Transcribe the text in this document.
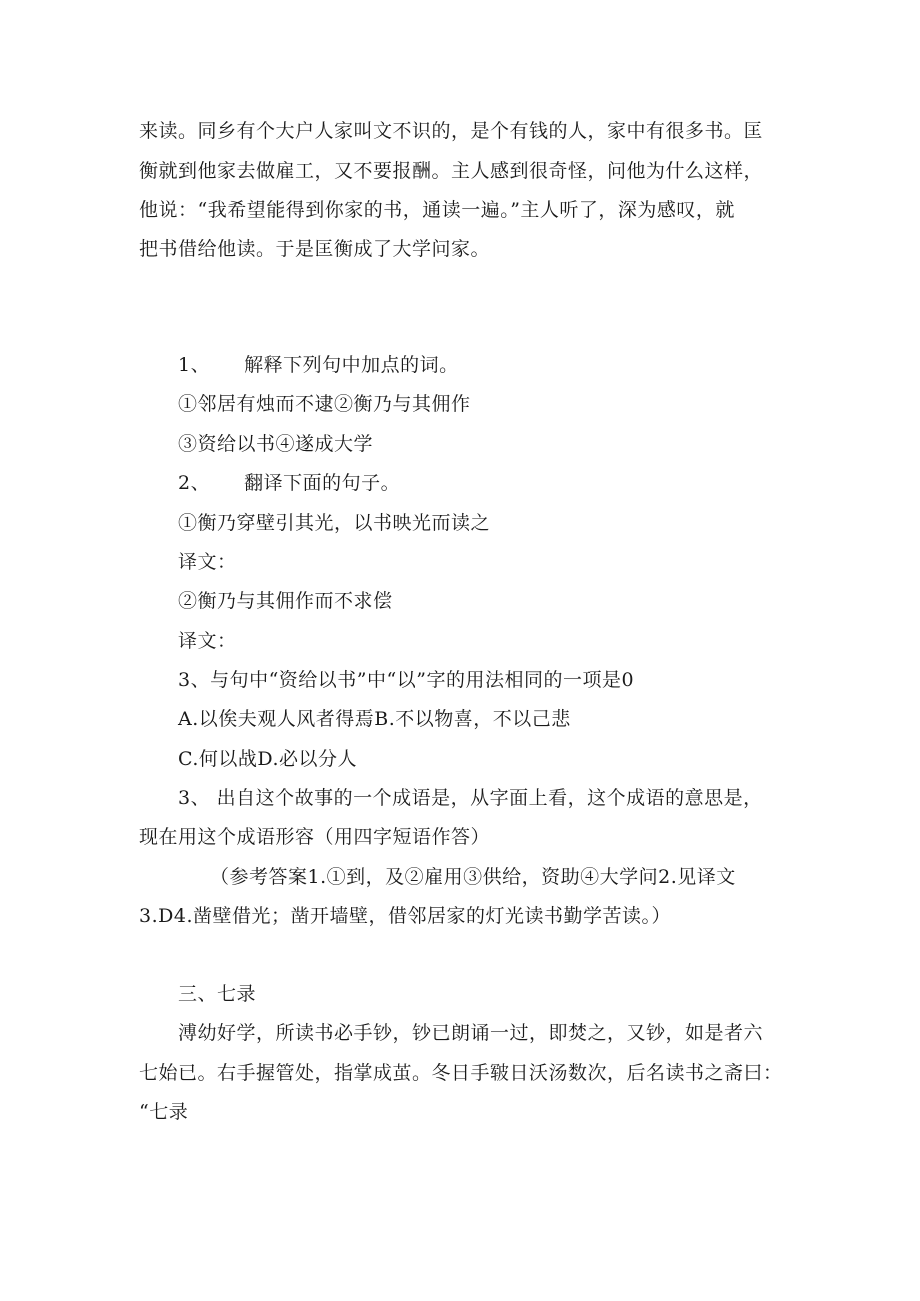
来读。同乡有个大户人家叫文不识的，是个有钱的人，家中有很多书。匡
衡就到他家去做雇工，又不要报酬。主人感到很奇怪，问他为什么这样，
他说：“我希望能得到你家的书，通读一遍。”主人听了，深为感叹，就
把书借给他读。于是匡衡成了大学问家。
1、 解释下列句中加点的词。
①邻居有烛而不逮②衡乃与其佣作
③资给以书④遂成大学
2、 翻译下面的句子。
①衡乃穿壁引其光，以书映光而读之
译文：
②衡乃与其佣作而不求偿
译文：
3、与句中“资给以书”中“以”字的用法相同的一项是0
A.以俟夫观人风者得焉B.不以物喜，不以己悲
C.何以战D.必以分人
3、 出自这个故事的一个成语是，从字面上看，这个成语的意思是，
现在用这个成语形容（用四字短语作答）
（参考答案1.①到，及②雇用③供给，资助④大学问2.见译文
3.D4.凿壁借光；凿开墙壁，借邻居家的灯光读书勤学苦读。）
三、七录
溥幼好学，所读书必手钞，钞已朗诵一过，即焚之，又钞，如是者六
七始已。右手握管处，指掌成茧。冬日手皲日沃汤数次，后名读书之斋曰：
“七录
